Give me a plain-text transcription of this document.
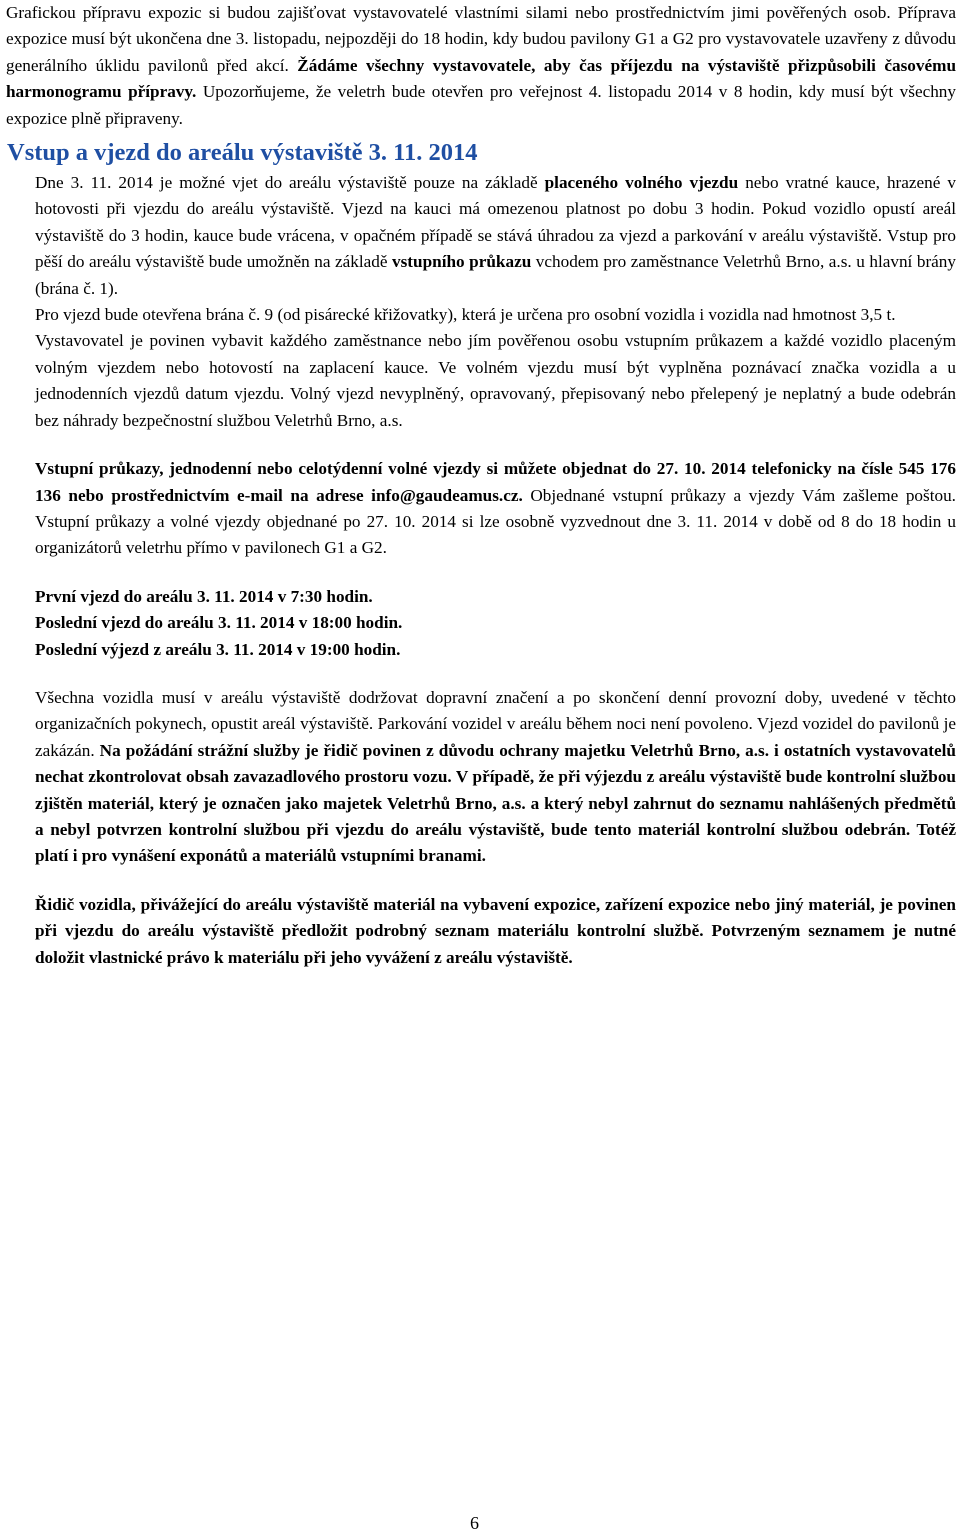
Grafickou přípravu expozic si budou zajišťovat vystavovatelé vlastními silami nebo prostřednictvím jimi pověřených osob. Příprava expozice musí být ukončena dne 3. listopadu, nejpozději do 18 hodin, kdy budou pavilony G1 a G2 pro vystavovatele uzavřeny z důvodu generálního úklidu pavilonů před akcí. Žádáme všechny vystavovatele, aby čas příjezdu na výstaviště přizpůsobili časovému harmonogramu přípravy. Upozorňujeme, že veletrh bude otevřen pro veřejnost 4. listopadu 2014 v 8 hodin, kdy musí být všechny expozice plně připraveny.

Vstup a vjezd do areálu výstaviště 3. 11. 2014

Dne 3. 11. 2014 je možné vjet do areálu výstaviště pouze na základě placeného volného vjezdu nebo vratné kauce, hrazené v hotovosti při vjezdu do areálu výstaviště. Vjezd na kauci má omezenou platnost po dobu 3 hodin. Pokud vozidlo opustí areál výstaviště do 3 hodin, kauce bude vrácena, v opačném případě se stává úhradou za vjezd a parkování v areálu výstaviště. Vstup pro pěší do areálu výstaviště bude umožněn na základě vstupního průkazu vchodem pro zaměstnance Veletrhů Brno, a.s. u hlavní brány (brána č. 1).

Pro vjezd bude otevřena brána č. 9 (od pisárecké křižovatky), která je určena pro osobní vozidla i vozidla nad hmotnost 3,5 t.

Vystavovatel je povinen vybavit každého zaměstnance nebo jím pověřenou osobu vstupním průkazem a každé vozidlo placeným volným vjezdem nebo hotovostí na zaplacení kauce. Ve volném vjezdu musí být vyplněna poznávací značka vozidla a u jednodenních vjezdů datum vjezdu. Volný vjezd nevyplněný, opravovaný, přepisovaný nebo přelepený je neplatný a bude odebrán bez náhrady bezpečnostní službou Veletrhů Brno, a.s.

Vstupní průkazy, jednodenní nebo celotýdenní volné vjezdy si můžete objednat do 27. 10. 2014 telefonicky na čísle 545 176 136 nebo prostřednictvím e-mail na adrese info@gaudeamus.cz. Objednané vstupní průkazy a vjezdy Vám zašleme poštou. Vstupní průkazy a volné vjezdy objednané po 27. 10. 2014 si lze osobně vyzvednout dne 3. 11. 2014 v době od 8 do 18 hodin u organizátorů veletrhu přímo v pavilonech G1 a G2.

První vjezd do areálu 3. 11. 2014 v 7:30 hodin.

Poslední vjezd do areálu 3. 11. 2014 v 18:00 hodin.

Poslední výjezd z areálu 3. 11. 2014 v 19:00 hodin.

Všechna vozidla musí v areálu výstaviště dodržovat dopravní značení a po skončení denní provozní doby, uvedené v těchto organizačních pokynech, opustit areál výstaviště. Parkování vozidel v areálu během noci není povoleno. Vjezd vozidel do pavilonů je zakázán. Na požádání strážní služby je řidič povinen z důvodu ochrany majetku Veletrhů Brno, a.s. i ostatních vystavovatelů nechat zkontrolovat obsah zavazadlového prostoru vozu. V případě, že při výjezdu z areálu výstaviště bude kontrolní službou zjištěn materiál, který je označen jako majetek Veletrhů Brno, a.s. a který nebyl zahrnut do seznamu nahlášených předmětů a nebyl potvrzen kontrolní službou při vjezdu do areálu výstaviště, bude tento materiál kontrolní službou odebrán. Totéž platí i pro vynášení exponátů a materiálů vstupními branami.

Řidič vozidla, přivážející do areálu výstaviště materiál na vybavení expozice, zařízení expozice nebo jiný materiál, je povinen při vjezdu do areálu výstaviště předložit podrobný seznam materiálu kontrolní službě. Potvrzeným seznamem je nutné doložit vlastnické právo k materiálu při jeho vyvážení z areálu výstaviště.

6
